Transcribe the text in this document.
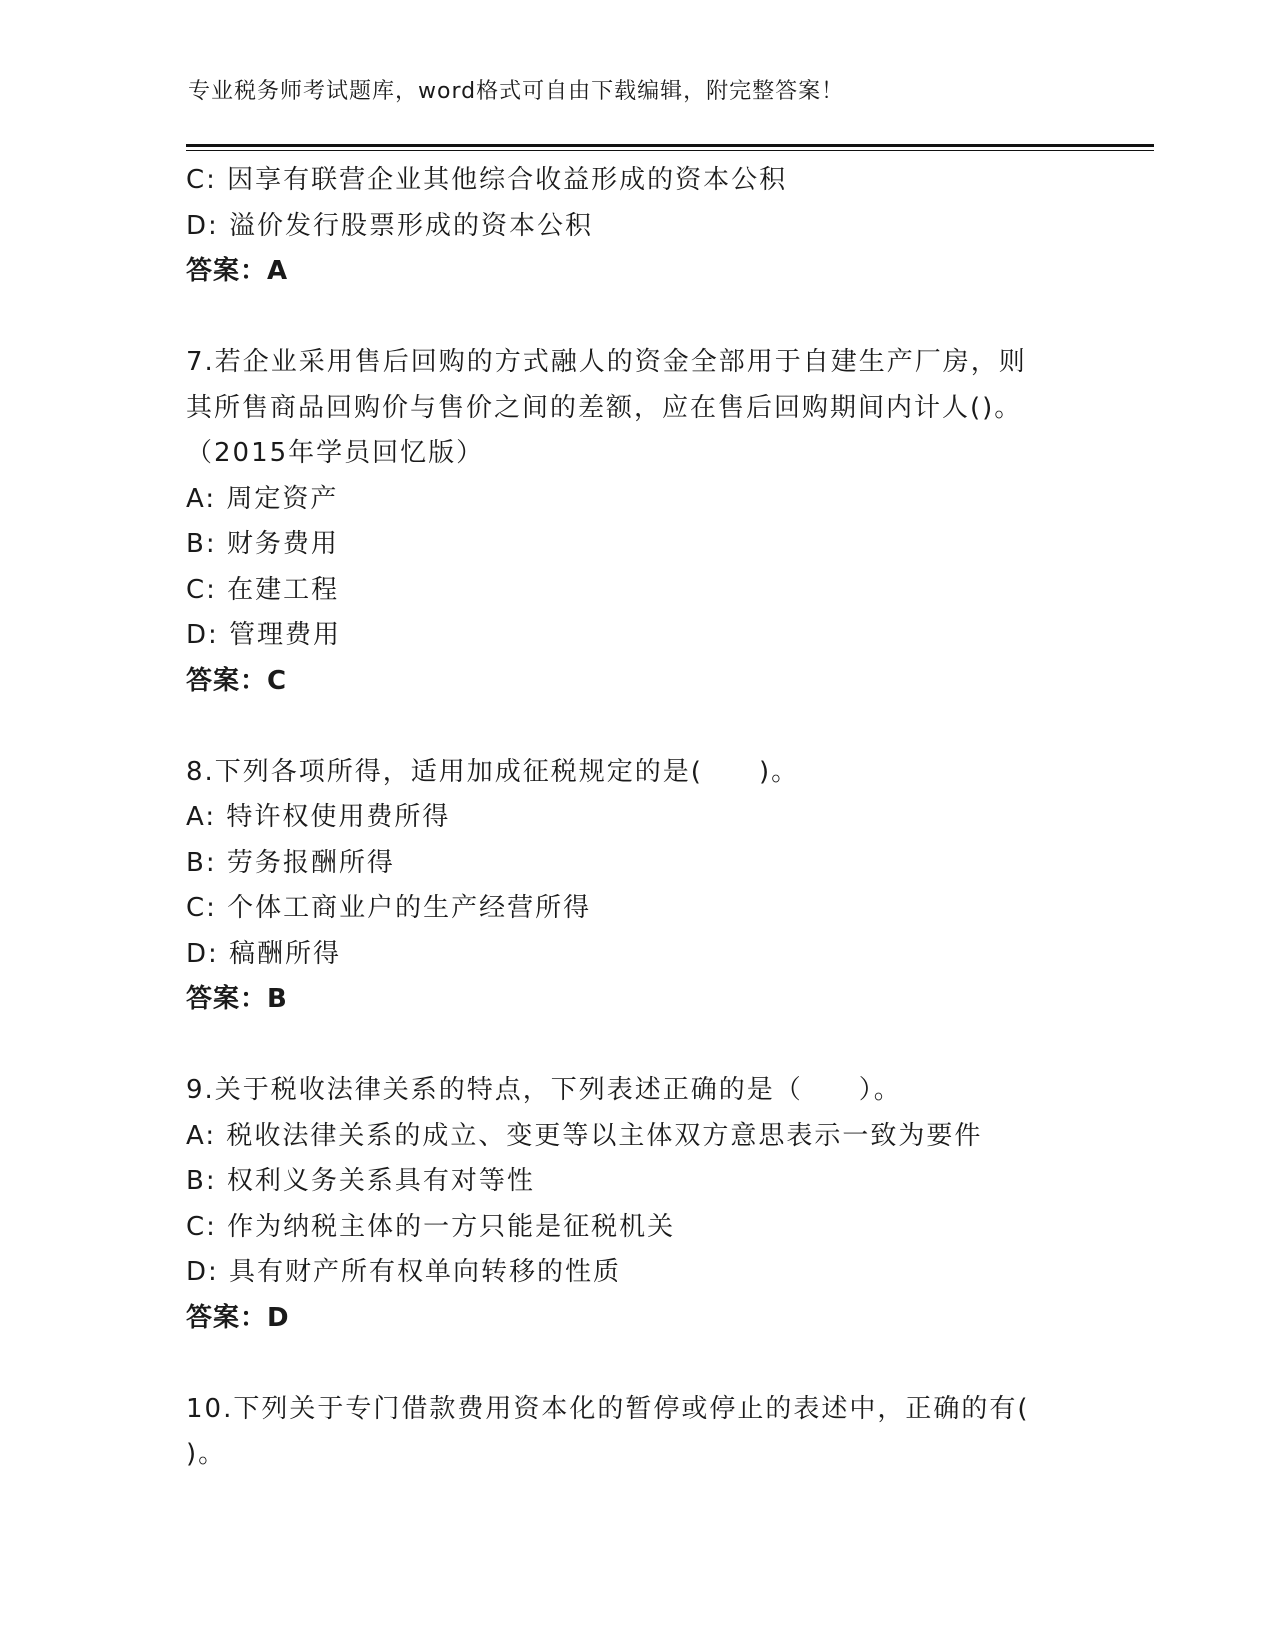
专业税务师考试题库，word格式可自由下载编辑，附完整答案！
C: 因享有联营企业其他综合收益形成的资本公积
D: 溢价发行股票形成的资本公积
答案：A
7.若企业采用售后回购的方式融人的资金全部用于自建生产厂房，则
其所售商品回购价与售价之间的差额，应在售后回购期间内计人()。
（2015年学员回忆版）
A: 周定资产
B: 财务费用
C: 在建工程
D: 管理费用
答案：C
8.下列各项所得，适用加成征税规定的是(　　)。
A: 特许权使用费所得
B: 劳务报酬所得
C: 个体工商业户的生产经营所得
D: 稿酬所得
答案：B
9.关于税收法律关系的特点，下列表述正确的是（　　）。
A: 税收法律关系的成立、变更等以主体双方意思表示一致为要件
B: 权利义务关系具有对等性
C: 作为纳税主体的一方只能是征税机关
D: 具有财产所有权单向转移的性质
答案：D
10.下列关于专门借款费用资本化的暂停或停止的表述中，正确的有(
)。
